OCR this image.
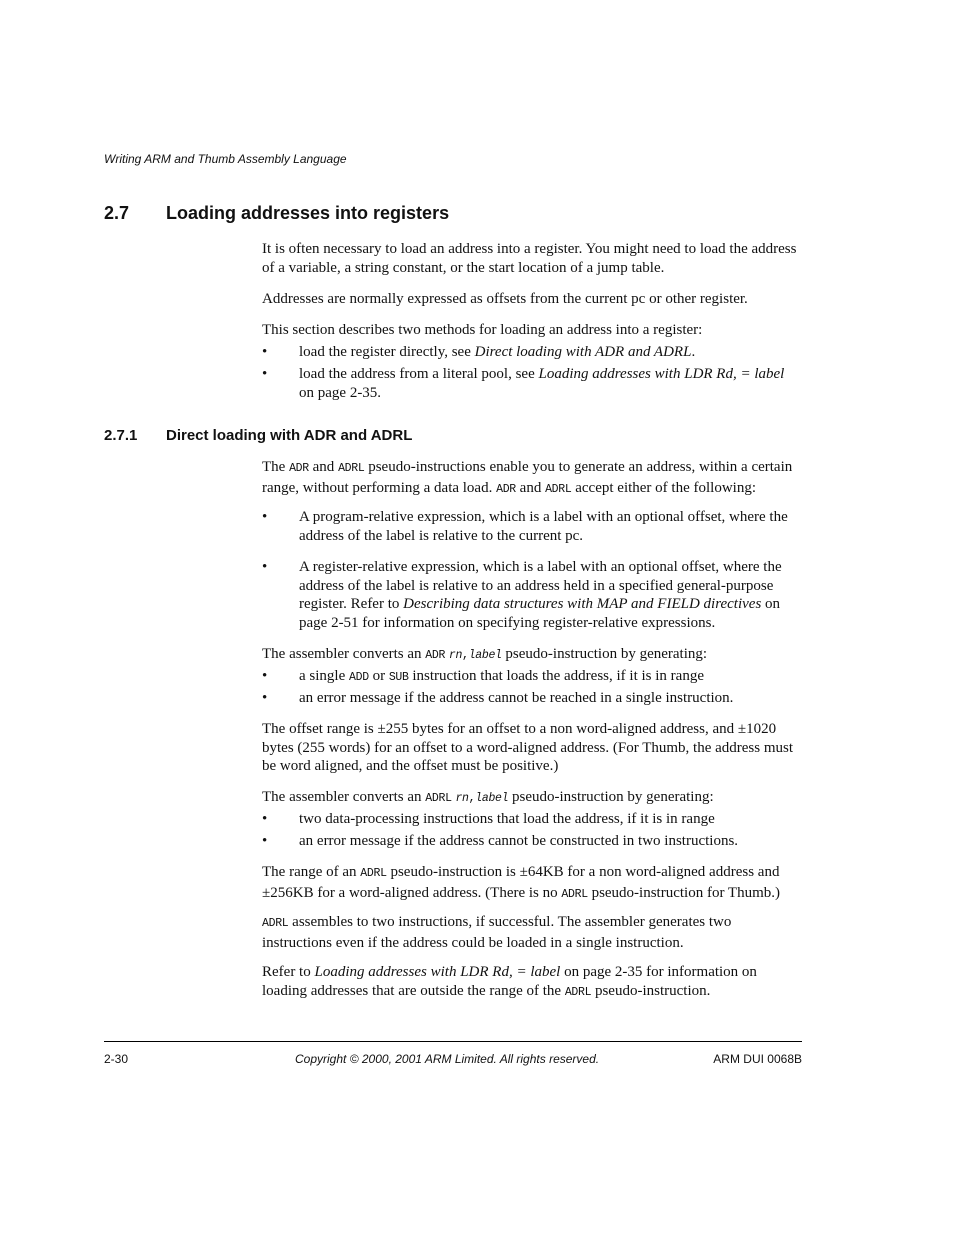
Writing ARM and Thumb Assembly Language
2.7 Loading addresses into registers
It is often necessary to load an address into a register. You might need to load the address of a variable, a string constant, or the start location of a jump table.
Addresses are normally expressed as offsets from the current pc or other register.
This section describes two methods for loading an address into a register:
• load the register directly, see Direct loading with ADR and ADRL.
• load the address from a literal pool, see Loading addresses with LDR Rd, = label on page 2-35.
2.7.1 Direct loading with ADR and ADRL
The ADR and ADRL pseudo-instructions enable you to generate an address, within a certain range, without performing a data load. ADR and ADRL accept either of the following:
• A program-relative expression, which is a label with an optional offset, where the address of the label is relative to the current pc.
• A register-relative expression, which is a label with an optional offset, where the address of the label is relative to an address held in a specified general-purpose register. Refer to Describing data structures with MAP and FIELD directives on page 2-51 for information on specifying register-relative expressions.
The assembler converts an ADR rn,label pseudo-instruction by generating:
• a single ADD or SUB instruction that loads the address, if it is in range
• an error message if the address cannot be reached in a single instruction.
The offset range is ±255 bytes for an offset to a non word-aligned address, and ±1020 bytes (255 words) for an offset to a word-aligned address. (For Thumb, the address must be word aligned, and the offset must be positive.)
The assembler converts an ADRL rn,label pseudo-instruction by generating:
• two data-processing instructions that load the address, if it is in range
• an error message if the address cannot be constructed in two instructions.
The range of an ADRL pseudo-instruction is ±64KB for a non word-aligned address and ±256KB for a word-aligned address. (There is no ADRL pseudo-instruction for Thumb.)
ADRL assembles to two instructions, if successful. The assembler generates two instructions even if the address could be loaded in a single instruction.
Refer to Loading addresses with LDR Rd, = label on page 2-35 for information on loading addresses that are outside the range of the ADRL pseudo-instruction.
2-30	Copyright © 2000, 2001 ARM Limited. All rights reserved.	ARM DUI 0068B
